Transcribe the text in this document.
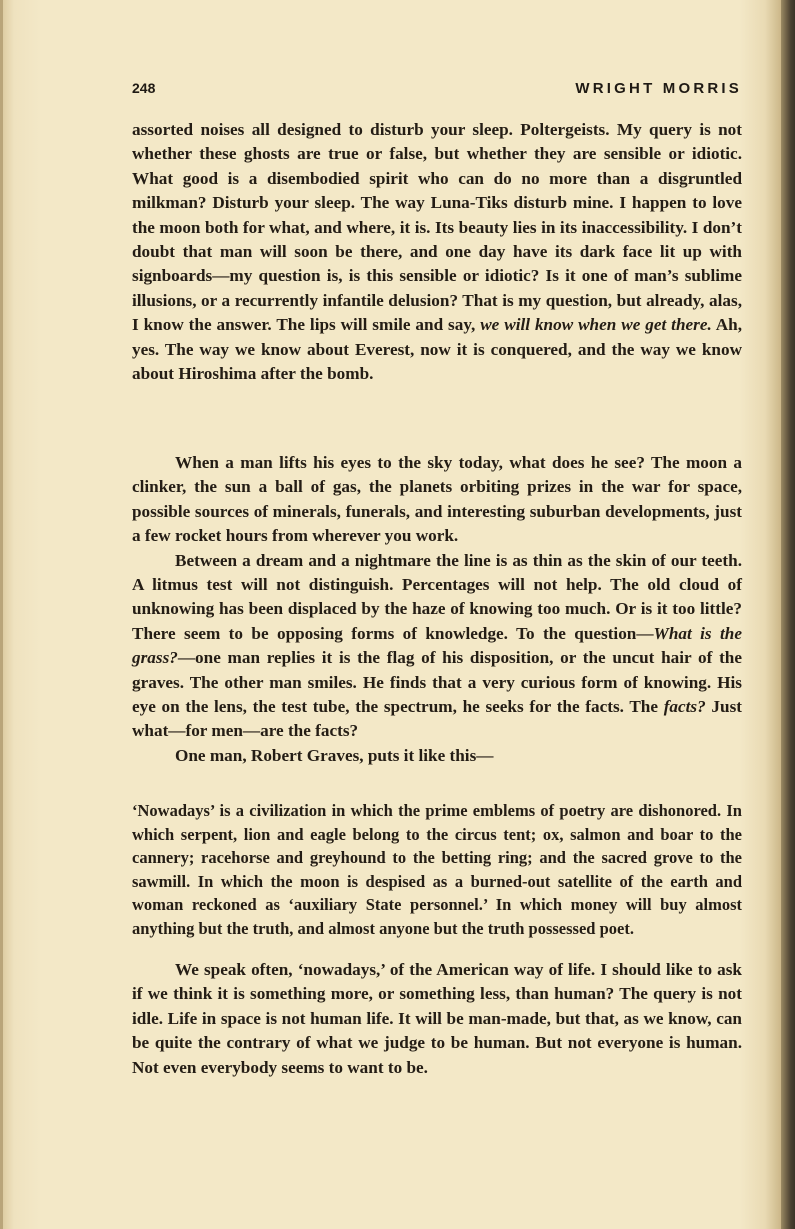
248	WRIGHT MORRIS

assorted noises all designed to disturb your sleep. Poltergeists. My query is not whether these ghosts are true or false, but whether they are sensible or idiotic. What good is a disembodied spirit who can do no more than a disgruntled milkman? Disturb your sleep. The way Luna-Tiks disturb mine. I happen to love the moon both for what, and where, it is. Its beauty lies in its inaccessibility. I don’t doubt that man will soon be there, and one day have its dark face lit up with signboards—my question is, is this sensible or idiotic? Is it one of man’s sublime illusions, or a recurrently infantile delusion? That is my question, but already, alas, I know the answer. The lips will smile and say, we will know when we get there. Ah, yes. The way we know about Everest, now it is conquered, and the way we know about Hiroshima after the bomb.

When a man lifts his eyes to the sky today, what does he see? The moon a clinker, the sun a ball of gas, the planets orbiting prizes in the war for space, possible sources of minerals, funerals, and interesting suburban developments, just a few rocket hours from wherever you work.

Between a dream and a nightmare the line is as thin as the skin of our teeth. A litmus test will not distinguish. Percentages will not help. The old cloud of unknowing has been displaced by the haze of knowing too much. Or is it too little? There seem to be opposing forms of knowledge. To the question—What is the grass?—one man replies it is the flag of his disposition, or the uncut hair of the graves. The other man smiles. He finds that a very curious form of knowing. His eye on the lens, the test tube, the spectrum, he seeks for the facts. The facts? Just what—for men—are the facts?

One man, Robert Graves, puts it like this—

‘Nowadays’ is a civilization in which the prime emblems of poetry are dishonored. In which serpent, lion and eagle belong to the circus tent; ox, salmon and boar to the cannery; racehorse and greyhound to the betting ring; and the sacred grove to the sawmill. In which the moon is despised as a burned-out satellite of the earth and woman reckoned as ‘auxiliary State personnel.’ In which money will buy almost anything but the truth, and almost anyone but the truth possessed poet.

We speak often, ‘nowadays,’ of the American way of life. I should like to ask if we think it is something more, or something less, than human? The query is not idle. Life in space is not human life. It will be man-made, but that, as we know, can be quite the contrary of what we judge to be human. But not everyone is human. Not even everybody seems to want to be.
